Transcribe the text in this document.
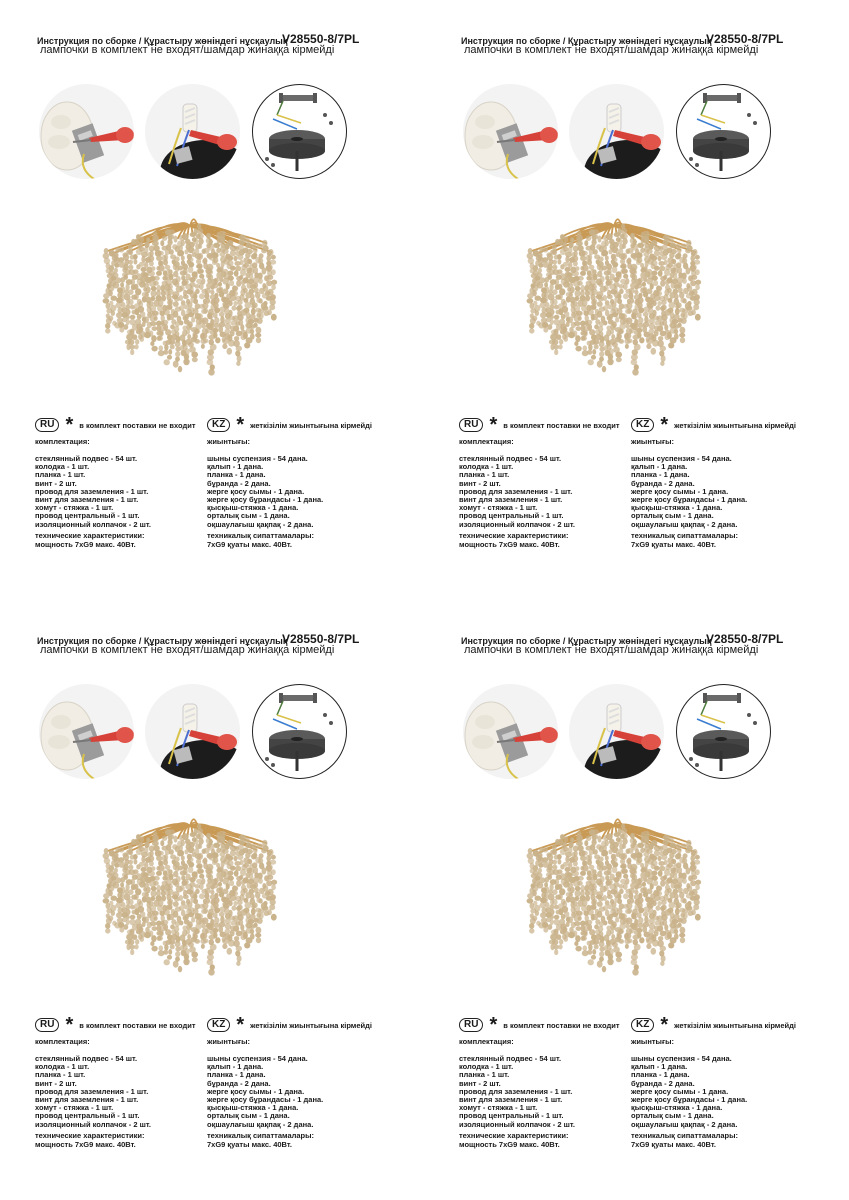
Инструкция по сборке / Құрастыру жөніндегі нұсқаулық
V28550-8/7PL
лампочки в комплект не входят/шамдар жинаққа кірмейді
RU * в комплект поставки не входит
комплектация:
стеклянный подвес - 54 шт.
колодка - 1 шт.
планка - 1 шт.
винт - 2 шт.
провод для заземления - 1 шт.
винт для заземления - 1 шт.
хомут - стяжка - 1 шт.
провод центральный - 1 шт.
изоляционный колпачок - 2 шт.
технические характеристики:
мощность 7xG9 макс. 40Вт.
KZ * жеткізілім жиынтығына кірмейді
жиынтығы:
шыны суспензия - 54 дана.
қалып - 1 дана.
планка - 1 дана.
бұранда - 2 дана.
жерге қосу сымы - 1 дана.
жерге қосу бұрандасы - 1 дана.
қысқыш-стяжка - 1 дана.
орталық сым - 1 дана.
оқшаулағыш қақпақ - 2 дана.
техникалық сипаттамалары:
7xG9 қуаты макс. 40Вт.
Инструкция по сборке / Құрастыру жөніндегі нұсқаулық
V28550-8/7PL
лампочки в комплект не входят/шамдар жинаққа кірмейді
RU * в комплект поставки не входит
комплектация:
стеклянный подвес - 54 шт.
колодка - 1 шт.
планка - 1 шт.
винт - 2 шт.
провод для заземления - 1 шт.
винт для заземления - 1 шт.
хомут - стяжка - 1 шт.
провод центральный - 1 шт.
изоляционный колпачок - 2 шт.
технические характеристики:
мощность 7xG9 макс. 40Вт.
KZ * жеткізілім жиынтығына кірмейді
жиынтығы:
шыны суспензия - 54 дана.
қалып - 1 дана.
планка - 1 дана.
бұранда - 2 дана.
жерге қосу сымы - 1 дана.
жерге қосу бұрандасы - 1 дана.
қысқыш-стяжка - 1 дана.
орталық сым - 1 дана.
оқшаулағыш қақпақ - 2 дана.
техникалық сипаттамалары:
7xG9 қуаты макс. 40Вт.
Инструкция по сборке / Құрастыру жөніндегі нұсқаулық
V28550-8/7PL
лампочки в комплект не входят/шамдар жинаққа кірмейді
RU * в комплект поставки не входит
комплектация:
стеклянный подвес - 54 шт.
колодка - 1 шт.
планка - 1 шт.
винт - 2 шт.
провод для заземления - 1 шт.
винт для заземления - 1 шт.
хомут - стяжка - 1 шт.
провод центральный - 1 шт.
изоляционный колпачок - 2 шт.
технические характеристики:
мощность 7xG9 макс. 40Вт.
KZ * жеткізілім жиынтығына кірмейді
жиынтығы:
шыны суспензия - 54 дана.
қалып - 1 дана.
планка - 1 дана.
бұранда - 2 дана.
жерге қосу сымы - 1 дана.
жерге қосу бұрандасы - 1 дана.
қысқыш-стяжка - 1 дана.
орталық сым - 1 дана.
оқшаулағыш қақпақ - 2 дана.
техникалық сипаттамалары:
7xG9 қуаты макс. 40Вт.
Инструкция по сборке / Құрастыру жөніндегі нұсқаулық
V28550-8/7PL
лампочки в комплект не входят/шамдар жинаққа кірмейді
RU * в комплект поставки не входит
комплектация:
стеклянный подвес - 54 шт.
колодка - 1 шт.
планка - 1 шт.
винт - 2 шт.
провод для заземления - 1 шт.
винт для заземления - 1 шт.
хомут - стяжка - 1 шт.
провод центральный - 1 шт.
изоляционный колпачок - 2 шт.
технические характеристики:
мощность 7xG9 макс. 40Вт.
KZ * жеткізілім жиынтығына кірмейді
жиынтығы:
шыны суспензия - 54 дана.
қалып - 1 дана.
планка - 1 дана.
бұранда - 2 дана.
жерге қосу сымы - 1 дана.
жерге қосу бұрандасы - 1 дана.
қысқыш-стяжка - 1 дана.
орталық сым - 1 дана.
оқшаулағыш қақпақ - 2 дана.
техникалық сипаттамалары:
7xG9 қуаты макс. 40Вт.
